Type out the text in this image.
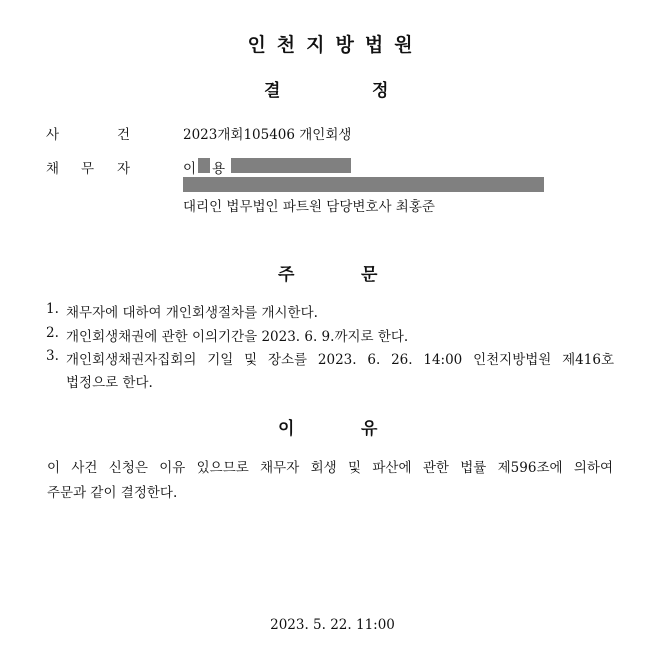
인천지방법원
결	정
사	건	2023개회105406 개인회생
채 무 자	이 용
대리인 법무법인 파트원 담당변호사 최홍준
주	문
1. 채무자에 대하여 개인회생절차를 개시한다.
2. 개인회생채권에 관한 이의기간을 2023. 6. 9.까지로 한다.
3. 개인회생채권자집회의 기일 및 장소를 2023. 6. 26. 14:00 인천지방법원 제416호
법정으로 한다.
이	유
이 사건 신청은 이유 있으므로 채무자 회생 및 파산에 관한 법률 제596조에 의하여
주문과 같이 결정한다.
2023. 5. 22. 11:00
